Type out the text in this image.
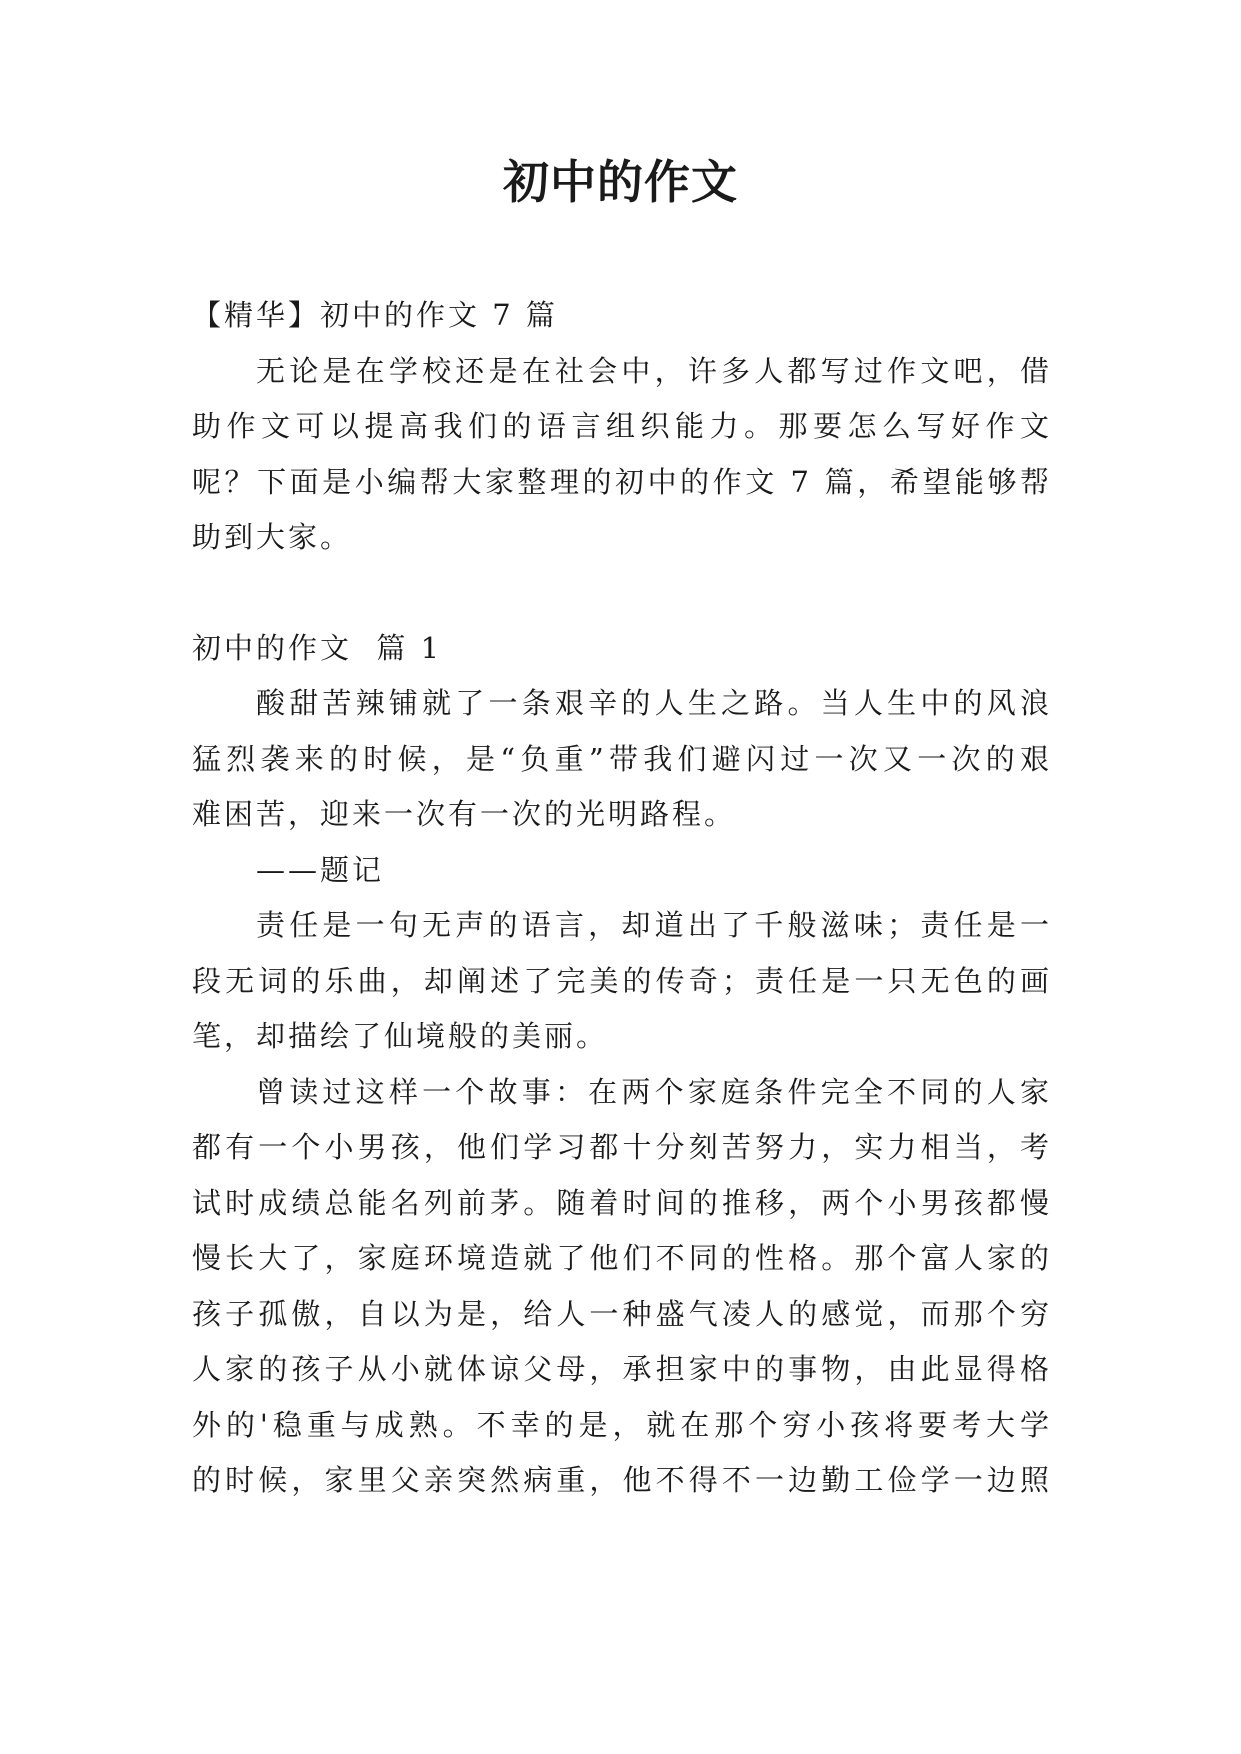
初中的作文
【精华】初中的作文 7 篇
无论是在学校还是在社会中，许多人都写过作文吧，借
助作文可以提高我们的语言组织能力。那要怎么写好作文
呢？下面是小编帮大家整理的初中的作文 7 篇，希望能够帮
助到大家。
初中的作文  篇 1
酸甜苦辣铺就了一条艰辛的人生之路。当人生中的风浪
猛烈袭来的时候，是“负重”带我们避闪过一次又一次的艰
难困苦，迎来一次有一次的光明路程。
——题记
责任是一句无声的语言，却道出了千般滋味；责任是一
段无词的乐曲，却阐述了完美的传奇；责任是一只无色的画
笔，却描绘了仙境般的美丽。
曾读过这样一个故事：在两个家庭条件完全不同的人家
都有一个小男孩，他们学习都十分刻苦努力，实力相当，考
试时成绩总能名列前茅。随着时间的推移，两个小男孩都慢
慢长大了，家庭环境造就了他们不同的性格。那个富人家的
孩子孤傲，自以为是，给人一种盛气凌人的感觉，而那个穷
人家的孩子从小就体谅父母，承担家中的事物，由此显得格
外的'稳重与成熟。不幸的是，就在那个穷小孩将要考大学
的时候，家里父亲突然病重，他不得不一边勤工俭学一边照
